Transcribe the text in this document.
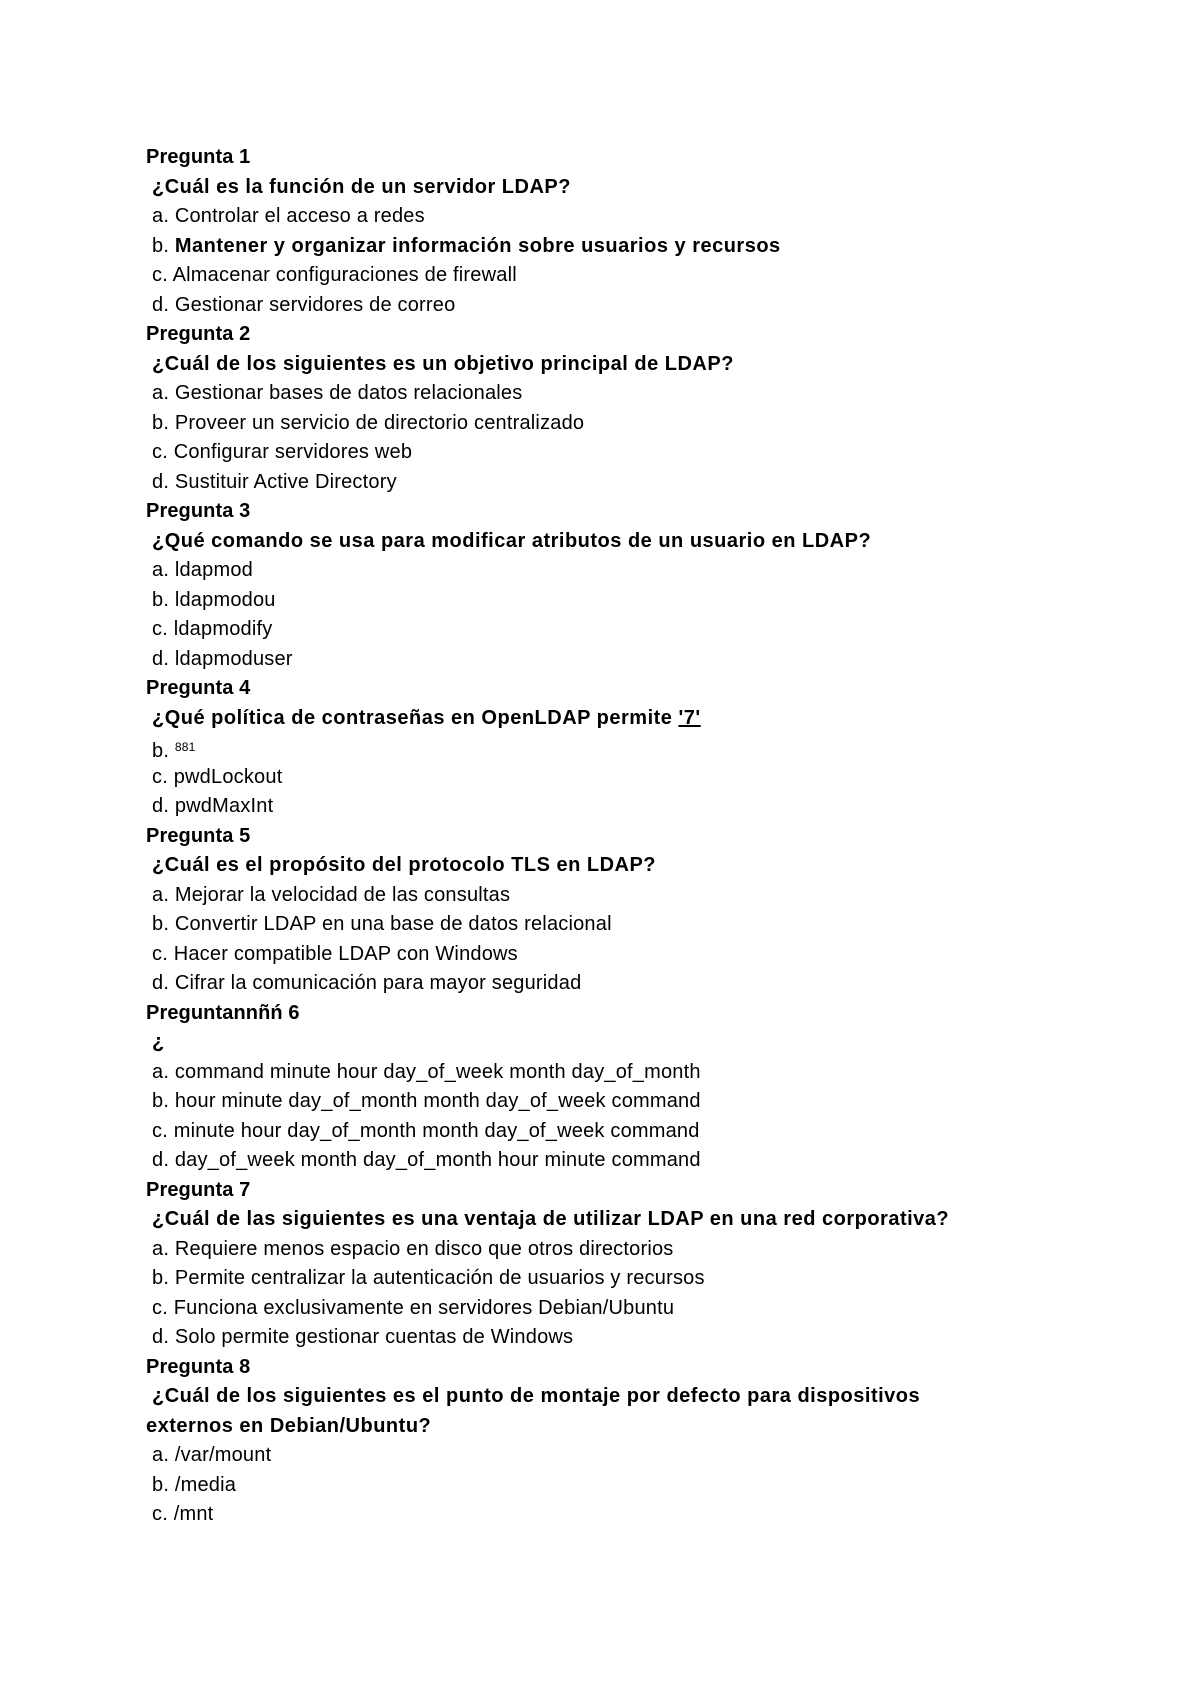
Pregunta 1
¿Cuál es la función de un servidor LDAP?
a. Controlar el acceso a redes
b. Mantener y organizar información sobre usuarios y recursos
c. Almacenar configuraciones de firewall
d. Gestionar servidores de correo
Pregunta 2
¿Cuál de los siguientes es un objetivo principal de LDAP?
a. Gestionar bases de datos relacionales
b. Proveer un servicio de directorio centralizado
c. Configurar servidores web
d. Sustituir Active Directory
Pregunta 3
¿Qué comando se usa para modificar atributos de un usuario en LDAP?
a. ldapmod
b. ldapmodou
c. ldapmodify
d. ldapmoduser
Pregunta 4
¿Qué política de contraseñas en OpenLDAP permite '7'
b. $^{881}$
c. pwdLockout
d. pwdMaxInt
Pregunta 5
¿Cuál es el propósito del protocolo TLS en LDAP?
a. Mejorar la velocidad de las consultas
b. Convertir LDAP en una base de datos relacional
c. Hacer compatible LDAP con Windows
d. Cifrar la comunicación para mayor seguridad
Preguntannñń 6
¿
a. command minute hour day_of_week month day_of_month
b. hour minute day_of_month month day_of_week command
c. minute hour day_of_month month day_of_week command
d. day_of_week month day_of_month hour minute command
Pregunta 7
¿Cuál de las siguientes es una ventaja de utilizar LDAP en una red corporativa?
a. Requiere menos espacio en disco que otros directorios
b. Permite centralizar la autenticación de usuarios y recursos
c. Funciona exclusivamente en servidores Debian/Ubuntu
d. Solo permite gestionar cuentas de Windows
Pregunta 8
¿Cuál de los siguientes es el punto de montaje por defecto para dispositivos
externos en Debian/Ubuntu?
a. /var/mount
b. /media
c. /mnt
